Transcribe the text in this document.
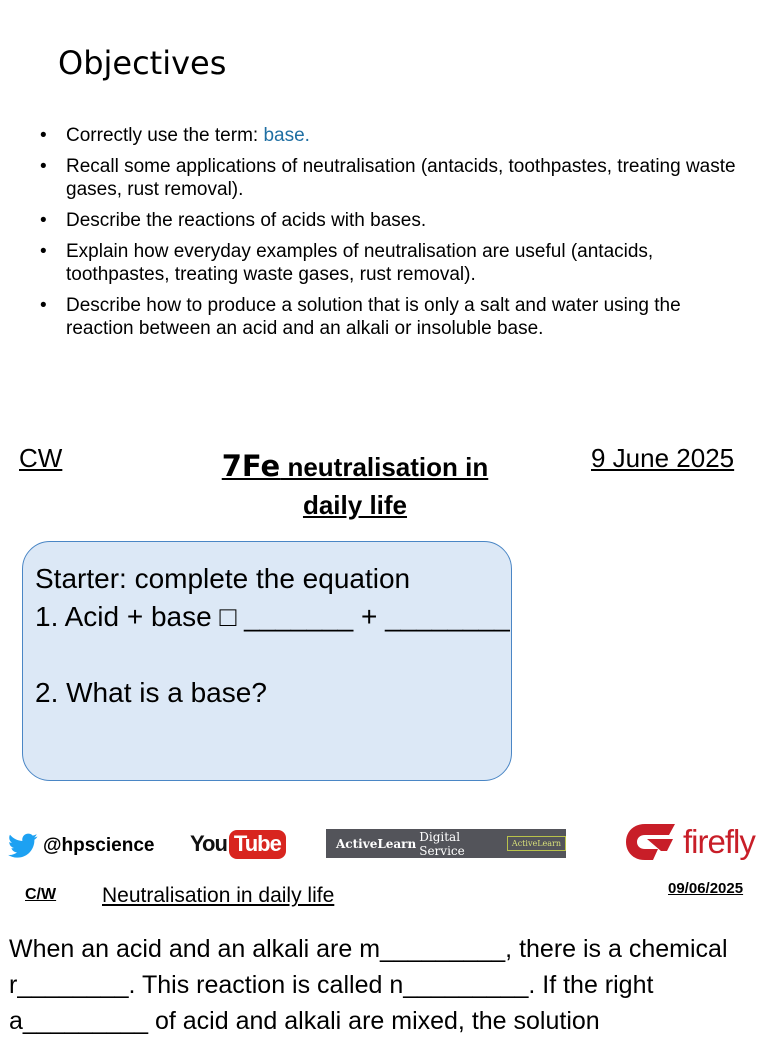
Objectives
• Correctly use the term: base.
• Recall some applications of neutralisation (antacids, toothpastes, treating waste gases, rust removal).
• Describe the reactions of acids with bases.
• Explain how everyday examples of neutralisation are useful (antacids, toothpastes, treating waste gases, rust removal).
• Describe how to produce a solution that is only a salt and water using the reaction between an acid and an alkali or insoluble base.
CW	7Fe neutralisation in daily life
9 June 2025
Starter: complete the equation
1. Acid + base □ _______ + ________

2. What is a base?
@hpscience You Tube	ActiveLearn Digital Service	ActiveLearn	firefly
C/W Neutralisation in daily life	09/06/2025
When an acid and an alkali are m_________, there is a chemical r________. This reaction is called n_________. If the right a_________ of acid and alkali are mixed, the solution
